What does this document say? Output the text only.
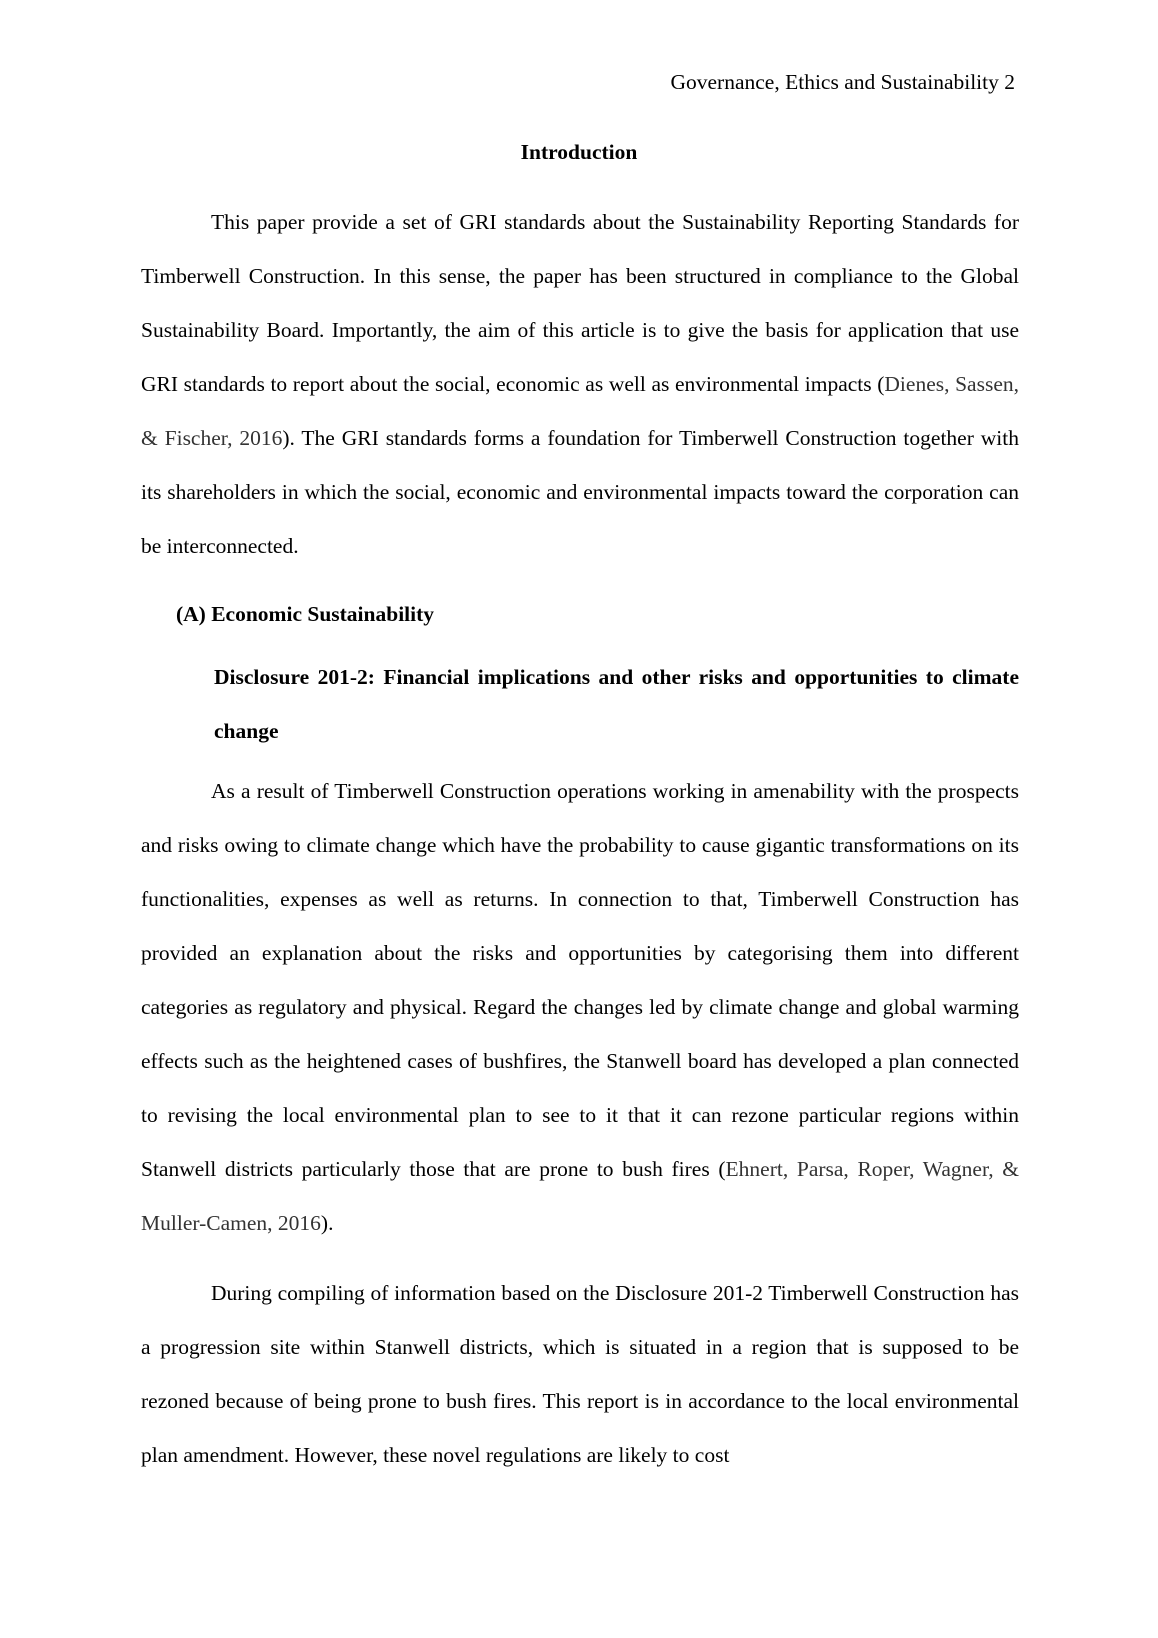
Governance, Ethics and Sustainability 2
Introduction

This paper provide a set of GRI standards about the Sustainability Reporting Standards for Timberwell Construction. In this sense, the paper has been structured in compliance to the Global Sustainability Board. Importantly, the aim of this article is to give the basis for application that use GRI standards to report about the social, economic as well as environmental impacts (Dienes, Sassen, & Fischer, 2016). The GRI standards forms a foundation for Timberwell Construction together with its shareholders in which the social, economic and environmental impacts toward the corporation can be interconnected.

(A) Economic Sustainability

Disclosure 201-2: Financial implications and other risks and opportunities to climate change

As a result of Timberwell Construction operations working in amenability with the prospects and risks owing to climate change which have the probability to cause gigantic transformations on its functionalities, expenses as well as returns. In connection to that, Timberwell Construction has provided an explanation about the risks and opportunities by categorising them into different categories as regulatory and physical. Regard the changes led by climate change and global warming effects such as the heightened cases of bushfires, the Stanwell board has developed a plan connected to revising the local environmental plan to see to it that it can rezone particular regions within Stanwell districts particularly those that are prone to bush fires (Ehnert, Parsa, Roper, Wagner, & Muller-Camen, 2016).

During compiling of information based on the Disclosure 201-2 Timberwell Construction has a progression site within Stanwell districts, which is situated in a region that is supposed to be rezoned because of being prone to bush fires. This report is in accordance to the local environmental plan amendment. However, these novel regulations are likely to cost
